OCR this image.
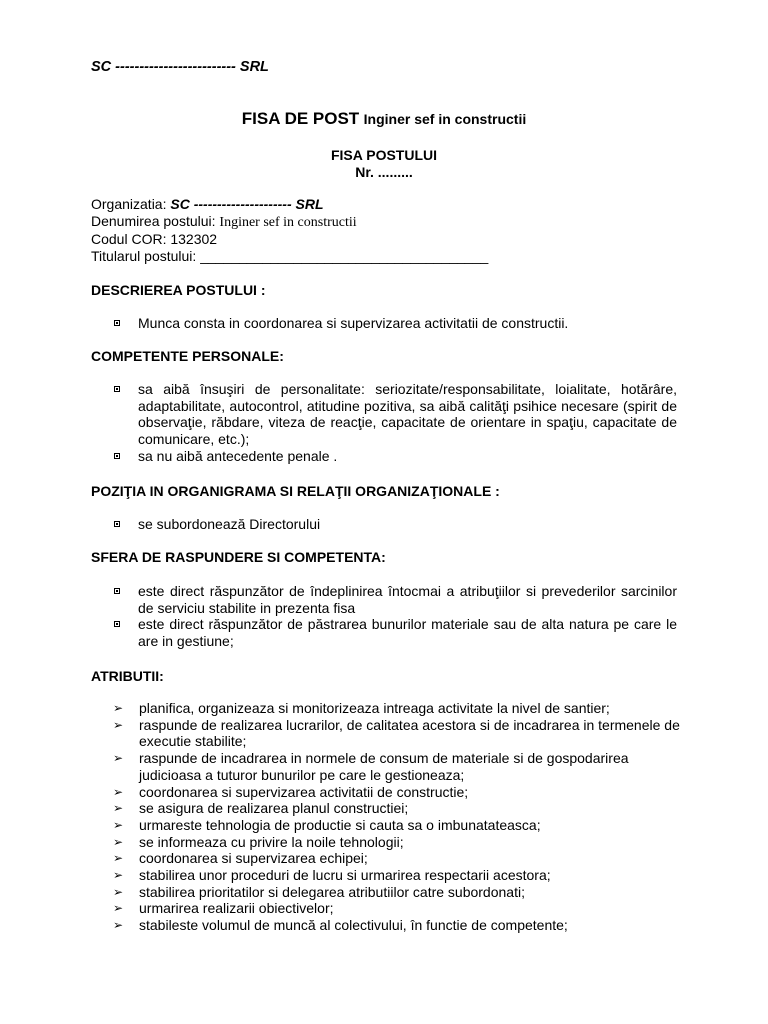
SC ------------------------- SRL
FISA DE POST Inginer sef in constructii
FISA POSTULUI
Nr. .........
Organizatia: SC --------------------- SRL
Denumirea postului: Inginer sef in constructii
Codul COR: 132302
Titularul postului: _____________________________________
DESCRIEREA POSTULUI :
Munca consta in coordonarea si supervizarea activitatii de constructii.
COMPETENTE PERSONALE:
sa aibă însuşiri de personalitate: seriozitate/responsabilitate, loialitate, hotărâre, adaptabilitate, autocontrol, atitudine pozitiva, sa aibă calităţi psihice necesare (spirit de observaţie, răbdare, viteza de reacţie, capacitate de orientare in spaţiu, capacitate de comunicare, etc.);
sa nu aibă antecedente penale .
POZIŢIA IN ORGANIGRAMA SI RELAŢII ORGANIZAŢIONALE :
se subordonează Directorului
SFERA DE RASPUNDERE SI COMPETENTA:
este direct răspunzător de îndeplinirea întocmai a atribuţiilor si prevederilor sarcinilor de serviciu stabilite in prezenta fisa
este direct răspunzător de păstrarea bunurilor materiale sau de alta natura pe care le are in gestiune;
ATRIBUTII:
➢ planifica, organizeaza si monitorizeaza intreaga activitate la nivel de santier;
➢ raspunde de realizarea lucrarilor, de calitatea acestora si de incadrarea in termenele de executie stabilite;
➢ raspunde de incadrarea in normele de consum de materiale si de gospodarirea judicioasa a tuturor bunurilor pe care le gestioneaza;
➢ coordonarea si supervizarea activitatii de constructie;
➢ se asigura de realizarea planul constructiei;
➢ urmareste tehnologia de productie si cauta sa o imbunatateasca;
➢ se informeaza cu privire la noile tehnologii;
➢ coordonarea si supervizarea echipei;
➢ stabilirea unor proceduri de lucru si urmarirea respectarii acestora;
➢ stabilirea prioritatilor si delegarea atributiilor catre subordonati;
➢ urmarirea realizarii obiectivelor;
➢ stabileste volumul de muncă al colectivului, în functie de competente;
